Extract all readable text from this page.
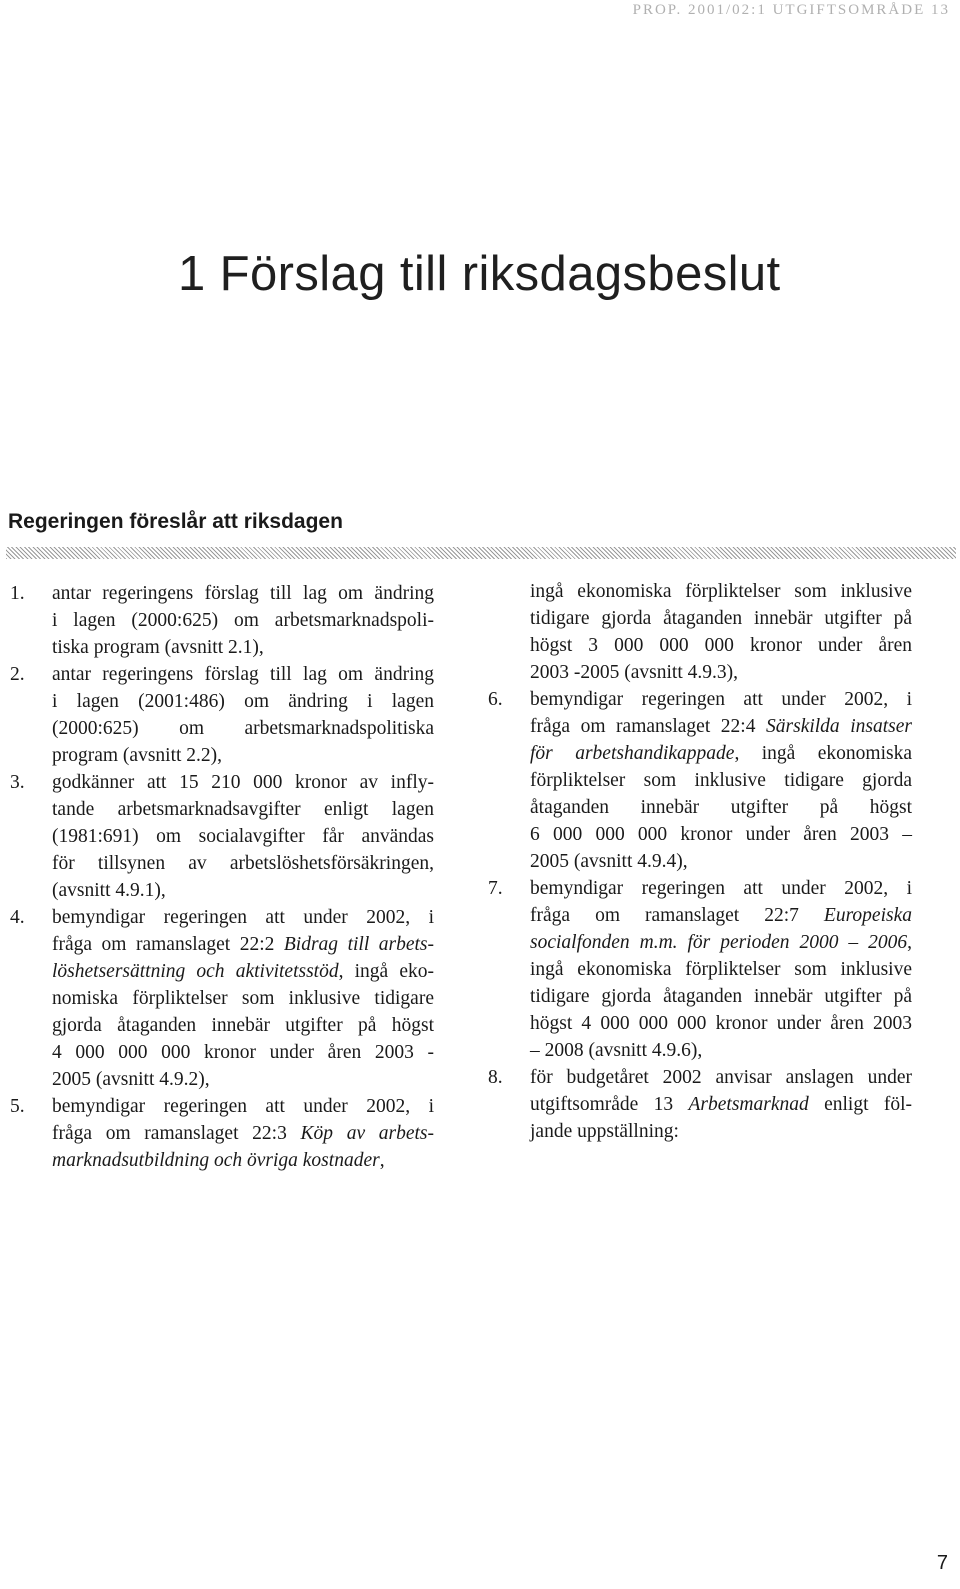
PROP. 2001/02:1 UTGIFTSOMRÅDE 13
1 Förslag till riksdagsbeslut
Regeringen föreslår att riksdagen
1. antar regeringens förslag till lag om ändring
i lagen (2000:625) om arbetsmarknadspoli-
tiska program (avsnitt 2.1),
2. antar regeringens förslag till lag om ändring
i lagen (2001:486) om ändring i lagen
(2000:625) om arbetsmarknadspolitiska
program (avsnitt 2.2),
3. godkänner att 15 210 000 kronor av infly-
tande arbetsmarknadsavgifter enligt lagen
(1981:691) om socialavgifter får användas
för tillsynen av arbetslöshetsförsäkringen,
(avsnitt 4.9.1),
4. bemyndigar regeringen att under 2002, i
fråga om ramanslaget 22:2 Bidrag till arbets-
löshetsersättning och aktivitetsstöd, ingå eko-
nomiska förpliktelser som inklusive tidigare
gjorda åtaganden innebär utgifter på högst
4 000 000 000 kronor under åren 2003 -
2005 (avsnitt 4.9.2),
5. bemyndigar regeringen att under 2002, i
fråga om ramanslaget 22:3 Köp av arbets-
marknadsutbildning och övriga kostnader,
ingå ekonomiska förpliktelser som inklusive
tidigare gjorda åtaganden innebär utgifter på
högst 3 000 000 000 kronor under åren
2003 -2005 (avsnitt 4.9.3),
6. bemyndigar regeringen att under 2002, i
fråga om ramanslaget 22:4 Särskilda insatser
för arbetshandikappade, ingå ekonomiska
förpliktelser som inklusive tidigare gjorda
åtaganden innebär utgifter på högst
6 000 000 000 kronor under åren 2003 –
2005 (avsnitt 4.9.4),
7. bemyndigar regeringen att under 2002, i
fråga om ramanslaget 22:7 Europeiska
socialfonden m.m. för perioden 2000 – 2006,
ingå ekonomiska förpliktelser som inklusive
tidigare gjorda åtaganden innebär utgifter på
högst 4 000 000 000 kronor under åren 2003
– 2008 (avsnitt 4.9.6),
8. för budgetåret 2002 anvisar anslagen under
utgiftsområde 13 Arbetsmarknad enligt föl-
jande uppställning:
7
